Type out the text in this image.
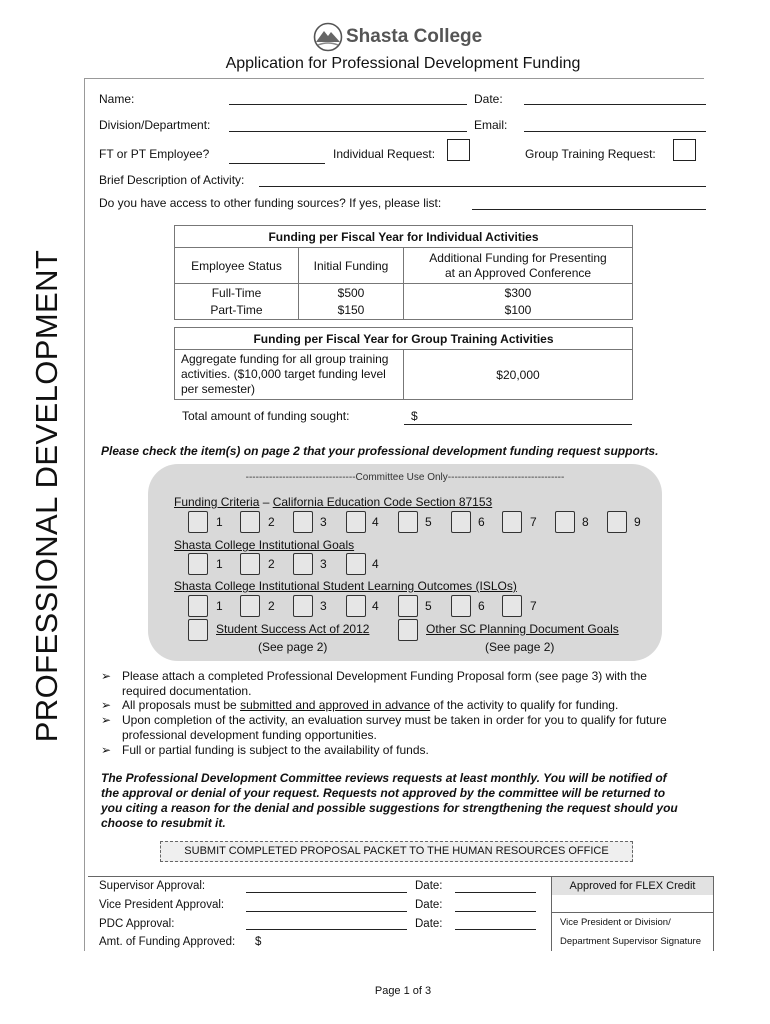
Shasta College
Application for Professional Development Funding
PROFESSIONAL DEVELOPMENT
Name:	Date:
Division/Department:	Email:
FT or PT Employee?	Individual Request:	Group Training Request:
Brief Description of Activity:
Do you have access to other funding sources? If yes, please list:
Funding per Fiscal Year for Individual Activities		
Employee Status	Initial Funding	Additional Funding for Presenting
at an Approved Conference
Full-Time	$500	$300
Part-Time	$150	$100
Funding per Fiscal Year for Group Training Activities
Aggregate funding for all group training
activities. ($10,000 target funding level
per semester)	$20,000
Total amount of funding sought:	$
Please check the item(s) on page 2 that your professional development funding request supports.
---------------------------------Committee Use Only-----------------------------------
Funding Criteria – California Education Code Section 87153
1	2	3	4	5	6	7	8	9
Shasta College Institutional Goals
1	2	3	4
Shasta College Institutional Student Learning Outcomes (ISLOs)
1	2	3	4	5	6	7
Student Success Act of 2012
(See page 2)
Other SC Planning Document Goals
(See page 2)
➢ Please attach a completed Professional Development Funding Proposal form (see page 3) with the
required documentation.
➢ All proposals must be submitted and approved in advance of the activity to qualify for funding.
➢ Upon completion of the activity, an evaluation survey must be taken in order for you to qualify for future
professional development funding opportunities.
➢ Full or partial funding is subject to the availability of funds.
The Professional Development Committee reviews requests at least monthly. You will be notified of
the approval or denial of your request. Requests not approved by the committee will be returned to
you citing a reason for the denial and possible suggestions for strengthening the request should you
choose to resubmit it.
SUBMIT COMPLETED PROPOSAL PACKET TO THE HUMAN RESOURCES OFFICE
Supervisor Approval:	Date:
Vice President Approval:	Date:
PDC Approval:	Date:
Amt. of Funding Approved: $
Approved for FLEX Credit
Vice President or Division/
Department Supervisor Signature
Page 1 of 3
